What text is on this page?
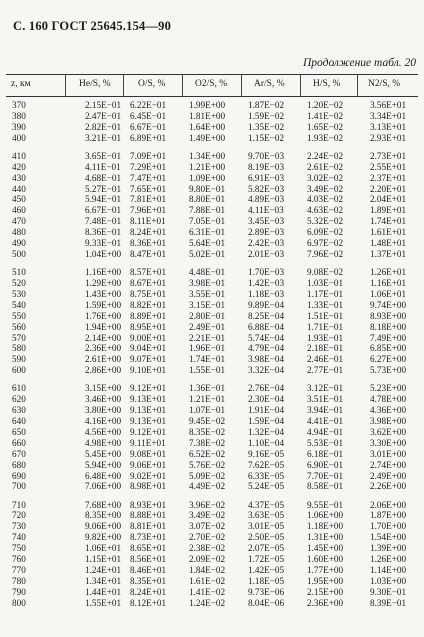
С. 160 ГОСТ 25645.154—90
Продолжение табл. 20
z, км	He/S, %	O/S, %	O2/S, %	Ar/S, %	H/S, %	N2/S, %
370	2.15E−01	6.22E−01	1.99E+00	1.87E−02	1.20E−02	3.56E+01
380	2.47E−01	6.45E−01	1.81E+00	1.59E−02	1.41E−02	3.34E+01
390	2.82E−01	6.67E−01	1.64E+00	1.35E−02	1.65E−02	3.13E+01
400	3.21E−01	6.89E+01	1.49E+00	1.15E−02	1.93E−02	2.93E+01

410	3.65E−01	7.09E+01	1.34E+00	9.70E−03	2.24E−02	2.73E+01
420	4.11E−01	7.29E+01	1.21E+00	8.19E−03	2.61E−02	2.55E+01
430	4.68E−01	7.47E+01	1.09E+00	6.91E−03	3.02E−02	2.37E+01
440	5.27E−01	7.65E+01	9.80E−01	5.82E−03	3.49E−02	2.20E+01
450	5.94E−01	7.81E+01	8.80E−01	4.89E−03	4.03E−02	2.04E+01
460	6.67E−01	7.96E+01	7.88E−01	4.11E−03	4.63E−02	1.89E+01
470	7.48E−01	8.11E+01	7.05E−01	3.45E−03	5.32E−02	1.74E+01
480	8.36E−01	8.24E+01	6.31E−01	2.89E−03	6.09E−02	1.61E+01
490	9.33E−01	8.36E+01	5.64E−01	2.42E−03	6.97E−02	1.48E+01
500	1.04E+00	8.47E+01	5.02E−01	2.01E−03	7.96E−02	1.37E+01

510	1.16E+00	8.57E+01	4.48E−01	1.70E−03	9.08E−02	1.26E+01
520	1.29E+00	8.67E+01	3.98E−01	1.42E−03	1.03E−01	1.16E+01
530	1.43E+00	8.75E+01	3.55E−01	1.18E−03	1.17E−01	1.06E+01
540	1.59E+00	8.82E+01	3.15E−01	9.89E−04	1.33E−01	9.74E+00
550	1.76E+00	8.89E+01	2.80E−01	8.25E−04	1.51E−01	8.93E+00
560	1.94E+00	8.95E+01	2.49E−01	6.88E−04	1.71E−01	8.18E+00
570	2.14E+00	9.00E+01	2.21E−01	5.74E−04	1.93E−01	7.49E+00
580	2.36E+00	9.04E+01	1.96E−01	4.79E−04	2.18E−01	6.85E+00
590	2.61E+00	9.07E+01	1.74E−01	3.98E−04	2.46E−01	6.27E+00
600	2.86E+00	9.10E+01	1.55E−01	3.32E−04	2.77E−01	5.73E+00

610	3.15E+00	9.12E+01	1.36E−01	2.76E−04	3.12E−01	5.23E+00
620	3.46E+00	9.13E+01	1.21E−01	2.30E−04	3.51E−01	4.78E+00
630	3.80E+00	9.13E+01	1.07E−01	1.91E−04	3.94E−01	4.36E+00
640	4.16E+00	9.13E+01	9.45E−02	1.59E−04	4.41E−01	3.98E+00
650	4.56E+00	9.12E+01	8.35E−02	1.32E−04	4.94E−01	3.62E+00
660	4.98E+00	9.11E+01	7.38E−02	1.10E−04	5.53E−01	3.30E+00
670	5.45E+00	9.08E+01	6.52E−02	9.16E−05	6.18E−01	3.01E+00
680	5.94E+00	9.06E+01	5.76E−02	7.62E−05	6.90E−01	2.74E+00
690	6.48E+00	9.02E+01	5.09E−02	6.33E−05	7.70E−01	2.49E+00
700	7.06E+00	8.98E+01	4.49E−02	5.24E−05	8.58E−01	2.26E+00

710	7.68E+00	8.93E+01	3.96E−02	4.37E−05	9.55E−01	2.06E+00
720	8.35E+00	8.88E+01	3.49E−02	3.63E−05	1.06E+00	1.87E+00
730	9.06E+00	8.81E+01	3.07E−02	3.01E−05	1.18E+00	1.70E+00
740	9.82E+00	8.73E+01	2.70E−02	2.50E−05	1.31E+00	1.54E+00
750	1.06E+01	8.65E+01	2.38E−02	2.07E−05	1.45E+00	1.39E+00
760	1.15E+01	8.56E+01	2.09E−02	1.72E−05	1.60E+00	1.26E+00
770	1.24E+01	8.46E+01	1.84E−02	1.42E−05	1.77E+00	1.14E+00
780	1.34E+01	8.35E+01	1.61E−02	1.18E−05	1.95E+00	1.03E+00
790	1.44E+01	8.24E+01	1.41E−02	9.73E−06	2.15E+00	9.30E−01
800	1.55E+01	8.12E+01	1.24E−02	8.04E−06	2.36E+00	8.39E−01
